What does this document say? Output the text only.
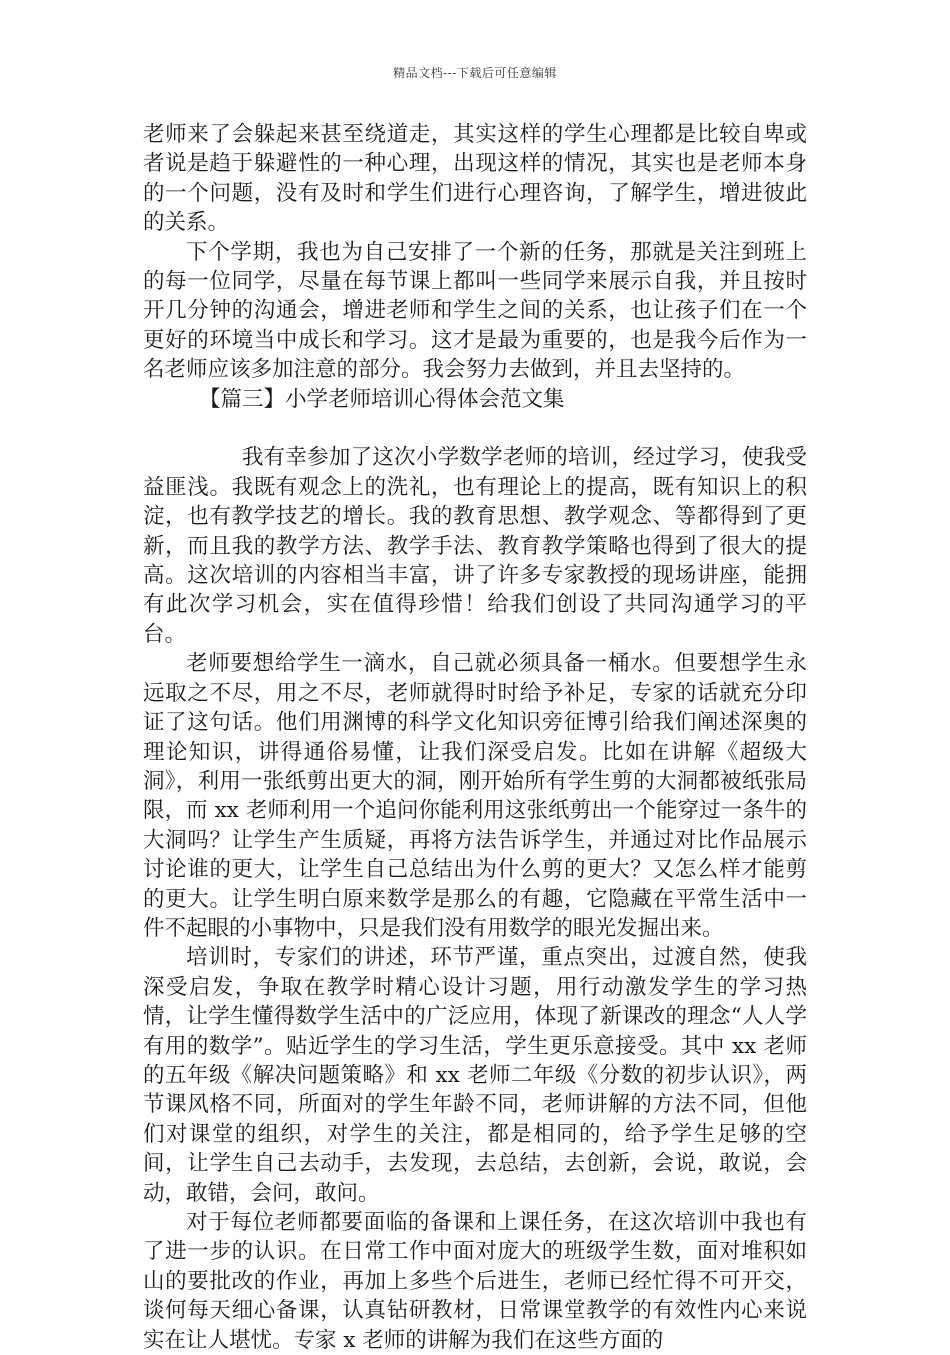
精品文档---下载后可任意编辑

老师来了会躲起来甚至绕道走，其实这样的学生心理都是比较自卑或者说是趋于躲避性的一种心理，出现这样的情况，其实也是老师本身的一个问题，没有及时和学生们进行心理咨询，了解学生，增进彼此的关系。

下个学期，我也为自己安排了一个新的任务，那就是关注到班上的每一位同学，尽量在每节课上都叫一些同学来展示自我，并且按时开几分钟的沟通会，增进老师和学生之间的关系，也让孩子们在一个更好的环境当中成长和学习。这才是最为重要的，也是我今后作为一名老师应该多加注意的部分。我会努力去做到，并且去坚持的。

【篇三】小学老师培训心得体会范文集

我有幸参加了这次小学数学老师的培训，经过学习，使我受益匪浅。我既有观念上的洗礼，也有理论上的提高，既有知识上的积淀，也有教学技艺的增长。我的教育思想、教学观念、等都得到了更新，而且我的教学方法、教学手法、教育教学策略也得到了很大的提高。这次培训的内容相当丰富，讲了许多专家教授的现场讲座，能拥有此次学习机会，实在值得珍惜！给我们创设了共同沟通学习的平台。

老师要想给学生一滴水，自己就必须具备一桶水。但要想学生永远取之不尽，用之不尽，老师就得时时给予补足，专家的话就充分印证了这句话。他们用渊博的科学文化知识旁征博引给我们阐述深奥的理论知识，讲得通俗易懂，让我们深受启发。比如在讲解《超级大洞》，利用一张纸剪出更大的洞，刚开始所有学生剪的大洞都被纸张局限，而 xx 老师利用一个追问你能利用这张纸剪出一个能穿过一条牛的大洞吗？让学生产生质疑，再将方法告诉学生，并通过对比作品展示讨论谁的更大，让学生自己总结出为什么剪的更大？又怎么样才能剪的更大。让学生明白原来数学是那么的有趣，它隐藏在平常生活中一件不起眼的小事物中，只是我们没有用数学的眼光发掘出来。

培训时，专家们的讲述，环节严谨，重点突出，过渡自然，使我深受启发，争取在教学时精心设计习题，用行动激发学生的学习热情，让学生懂得数学生活中的广泛应用，体现了新课改的理念“人人学有用的数学”。贴近学生的学习生活，学生更乐意接受。其中 xx 老师的五年级《解决问题策略》和 xx 老师二年级《分数的初步认识》，两节课风格不同，所面对的学生年龄不同，老师讲解的方法不同，但他们对课堂的组织，对学生的关注，都是相同的，给予学生足够的空间，让学生自己去动手，去发现，去总结，去创新，会说，敢说，会动，敢错，会问，敢问。

对于每位老师都要面临的备课和上课任务，在这次培训中我也有了进一步的认识。在日常工作中面对庞大的班级学生数，面对堆积如山的要批改的作业，再加上多些个后进生，老师已经忙得不可开交，谈何每天细心备课，认真钻研教材，日常课堂教学的有效性内心来说实在让人堪忧。专家 x 老师的讲解为我们在这些方面的
